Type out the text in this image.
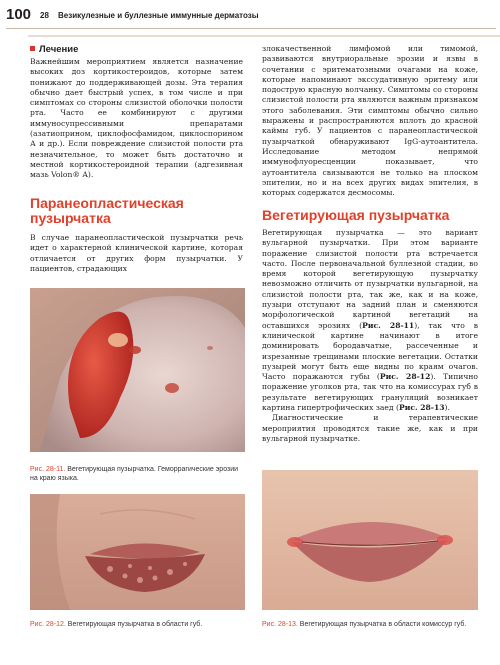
100 28 Везикулезные и буллезные иммунные дерматозы
Лечение

Важнейшим мероприятием является назначение высоких доз кортикостероидов, которые затем понижают до поддерживающей дозы. Эта терапия обычно дает быстрый успех, в том числе и при симптомах со стороны слизистой оболочки полости рта. Часто ее комбинируют с другими иммуносупрессивными препаратами (азатиоприном, циклофосфамидом, циклоспорином А и др.). Если повреждение слизистой полости рта незначительное, то может быть достаточно и местной кортикостероидной терапии (адгезивная мазь Volon® A).

Паранеопластическая пузырчатка

В случае паранеопластической пузырчатки речь идет о характерной клинической картине, которая отличается от других форм пузырчатки. У пациентов, страдающих

злокачественной лимфомой или тимомой, развиваются внутриоральные эрозии и язвы в сочетании с эритематозными очагами на коже, которые напоминают экссудативную эритему или подострую красную волчанку. Симптомы со стороны слизистой полости рта являются важным признаком этого заболевания. Эти симптомы обычно сильно выражены и распространяются вплоть до красной каймы губ. У пациентов с паранеопластической пузырчаткой обнаруживают IgG-аутоантитела. Исследование методом непрямой иммунофлуоресценции показывает, что аутоантитела связываются не только на плоском эпителии, но и на всех других видах эпителия, в которых содержатся десмосомы.

Вегетирующая пузырчатка

Вегетирующая пузырчатка — это вариант вульгарной пузырчатки. При этом варианте поражение слизистой полости рта встречается часто. После первоначальной буллезной стадии, во время которой вегетирующую пузырчатку невозможно отличить от пузырчатки вульгарной, на слизистой полости рта, так же, как и на коже, пузыри отступают на задний план и сменяются морфологической картиной вегетаций на оставшихся эрозиях (Рис. 28-11), так что в клинической картине начинают в итоге доминировать бородавчатые, рассеченные и изрезанные трещинами плоские вегетации. Остатки пузырей могут быть еще видны по краям очагов. Часто поражаются губы (Рис. 28-12). Типично поражение уголков рта, так что на комиссурах губ в результате вегетирующих грануляций возникает картина гипертрофических заед (Рис. 28-13).

Диагностические и терапевтические мероприятия проводятся такие же, как и при вульгарной пузырчатке.

Рис. 28-11. Вегетирующая пузырчатка. Геморрагические эрозии на краю языка.
Рис. 28-12. Вегетирующая пузырчатка в области губ.	Рис. 28-13. Вегетирующая пузырчатка в области комиссур губ.
